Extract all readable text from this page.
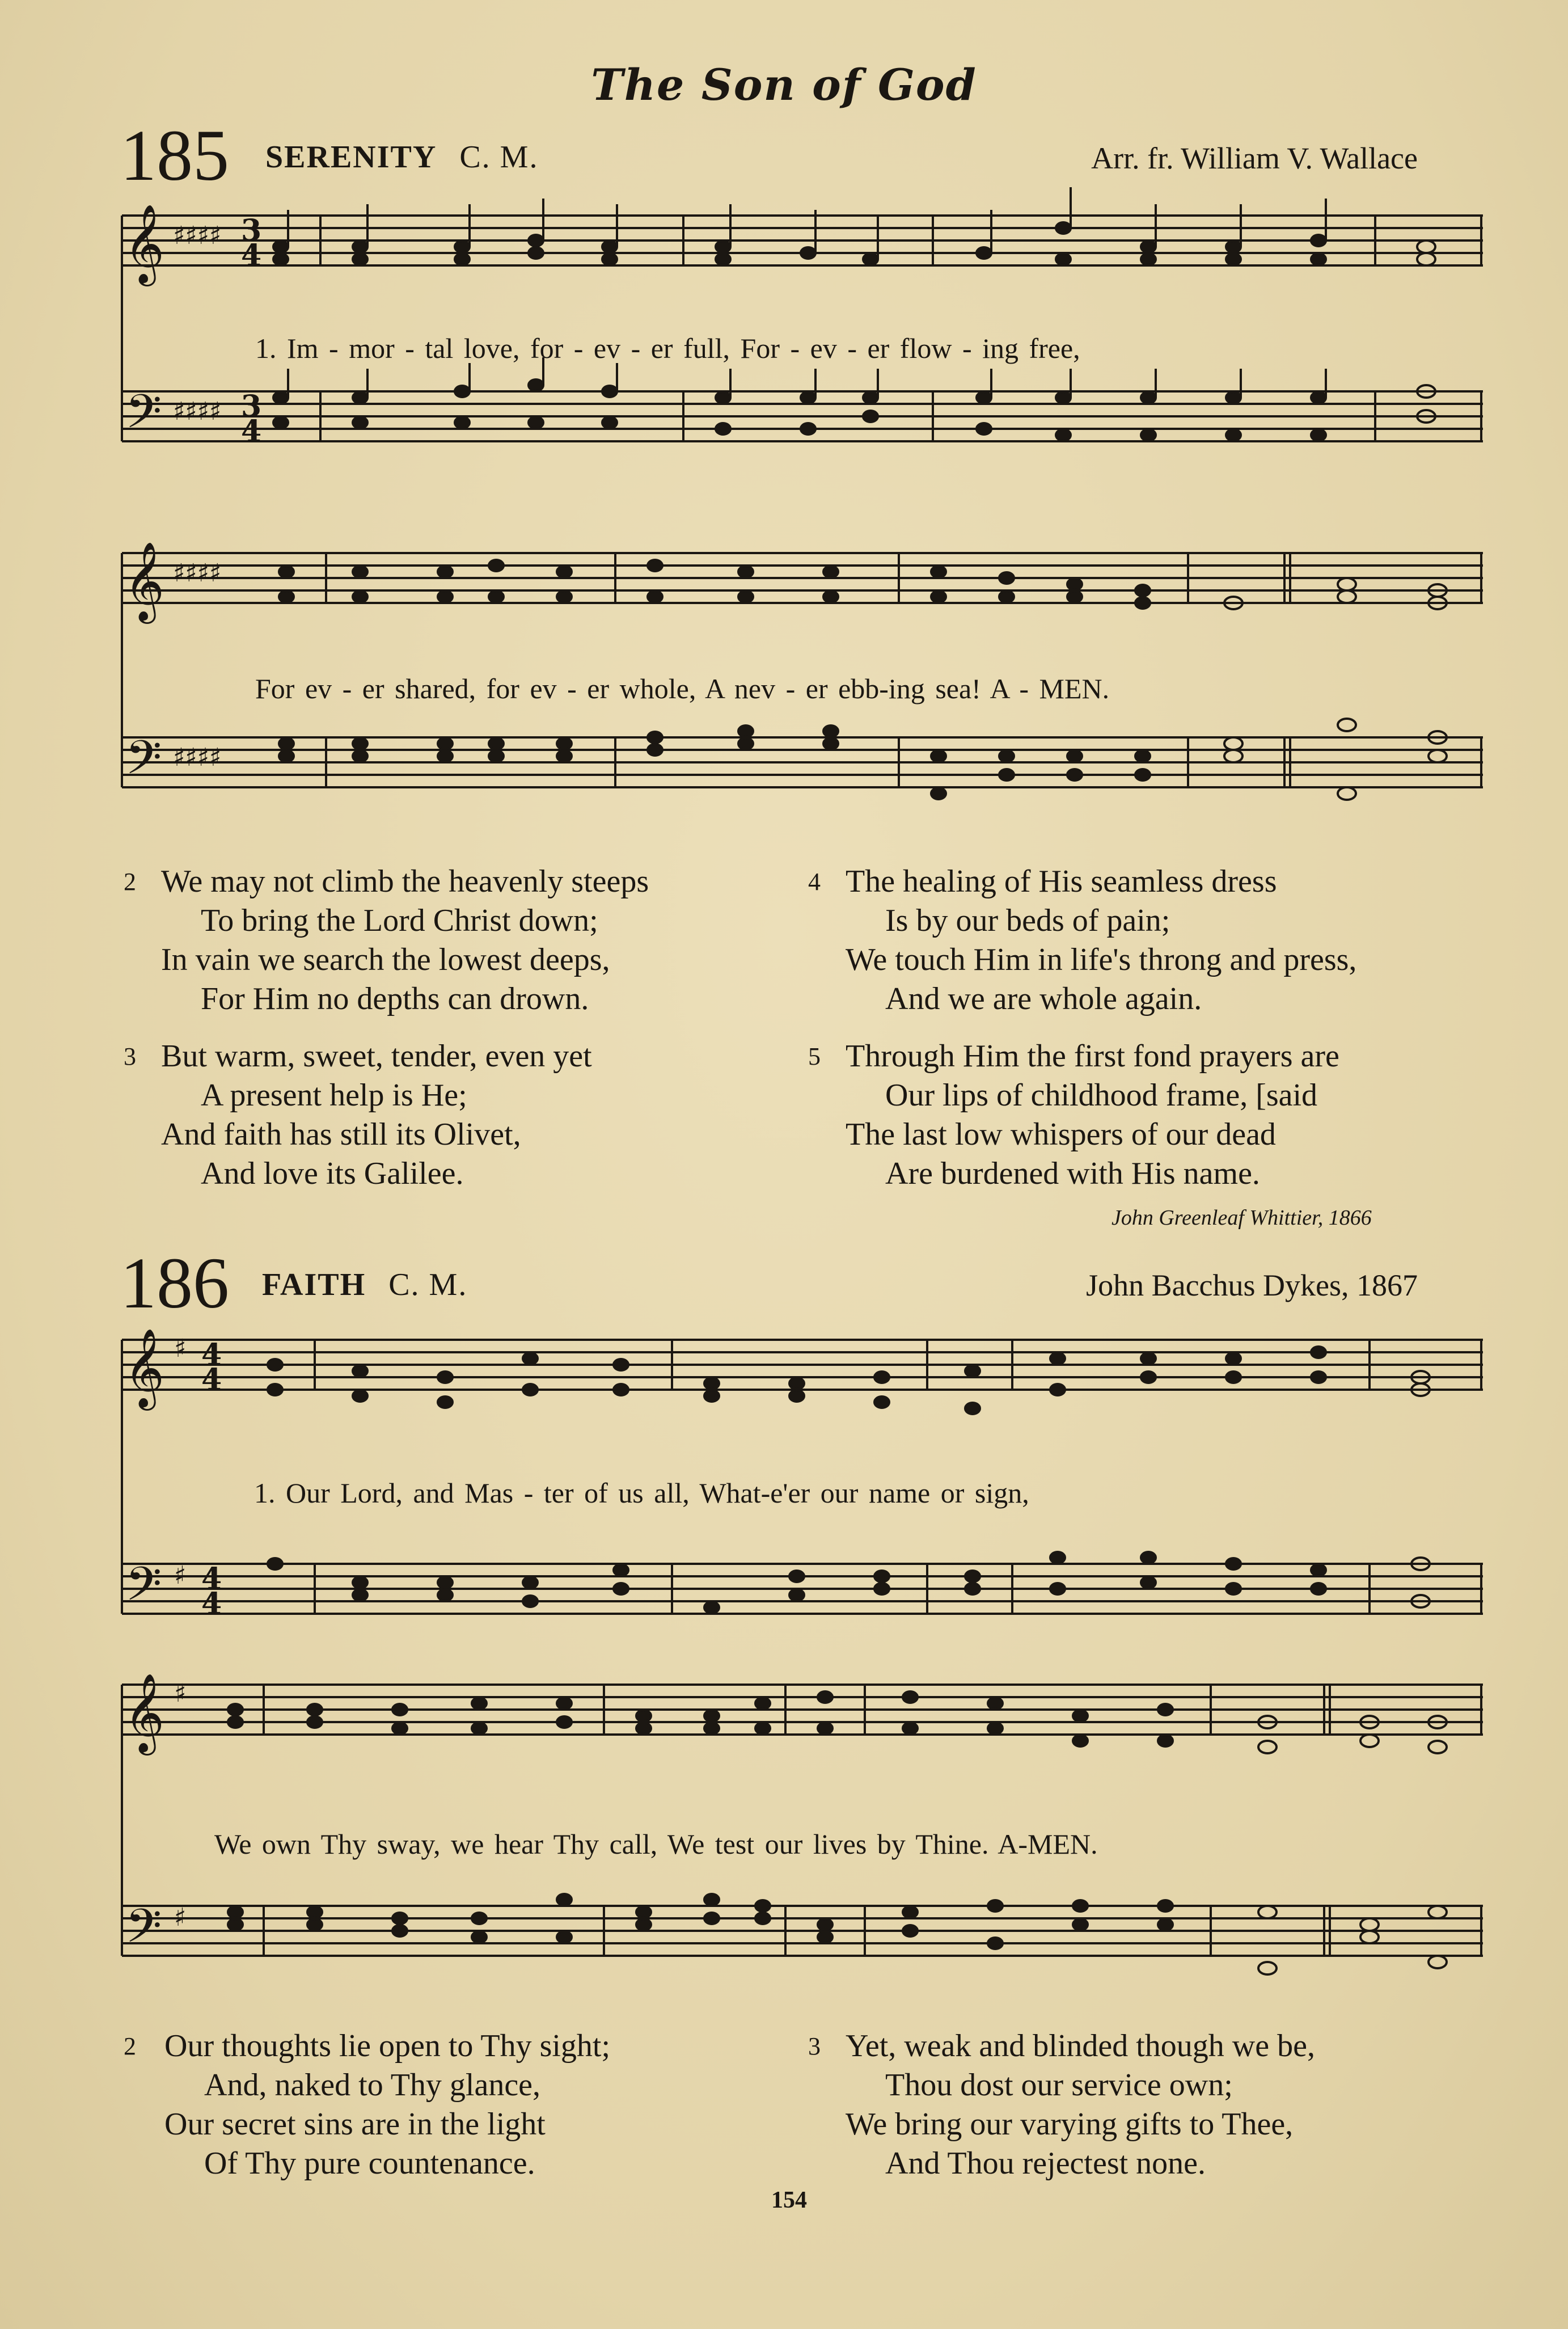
The Son of God
185 SERENITY C. M.	Arr. fr. William V. Wallace
𝄞
𝄢
♯♯♯♯
♯♯♯♯
3
4
3
4
1. Im - mor - tal love, for - ev - er full, For - ev - er flow - ing free,
𝄞
𝄢
♯♯♯♯
♯♯♯♯
For ev - er shared, for ev - er whole, A nev - er ebb-ing sea! A - MEN.
2 We may not climb the heavenly steeps
To bring the Lord Christ down;
In vain we search the lowest deeps,
For Him no depths can drown.
3 But warm, sweet, tender, even yet
A present help is He;
And faith has still its Olivet,
And love its Galilee.
4 The healing of His seamless dress
Is by our beds of pain;
We touch Him in life's throng and press,
And we are whole again.
5 Through Him the first fond prayers are
Our lips of childhood frame, [said
The last low whispers of our dead
Are burdened with His name.
John Greenleaf Whittier, 1866
186 FAITH C. M.	John Bacchus Dykes, 1867
𝄞
𝄢
♯
♯
4
4
4
4
1. Our Lord, and Mas - ter of us all, What-e'er our name or sign,
𝄞
𝄢
♯
♯
We own Thy sway, we hear Thy call, We test our lives by Thine. A-MEN.
2 Our thoughts lie open to Thy sight;
And, naked to Thy glance,
Our secret sins are in the light
Of Thy pure countenance.
3 Yet, weak and blinded though we be,
Thou dost our service own;
We bring our varying gifts to Thee,
And Thou rejectest none.
154
